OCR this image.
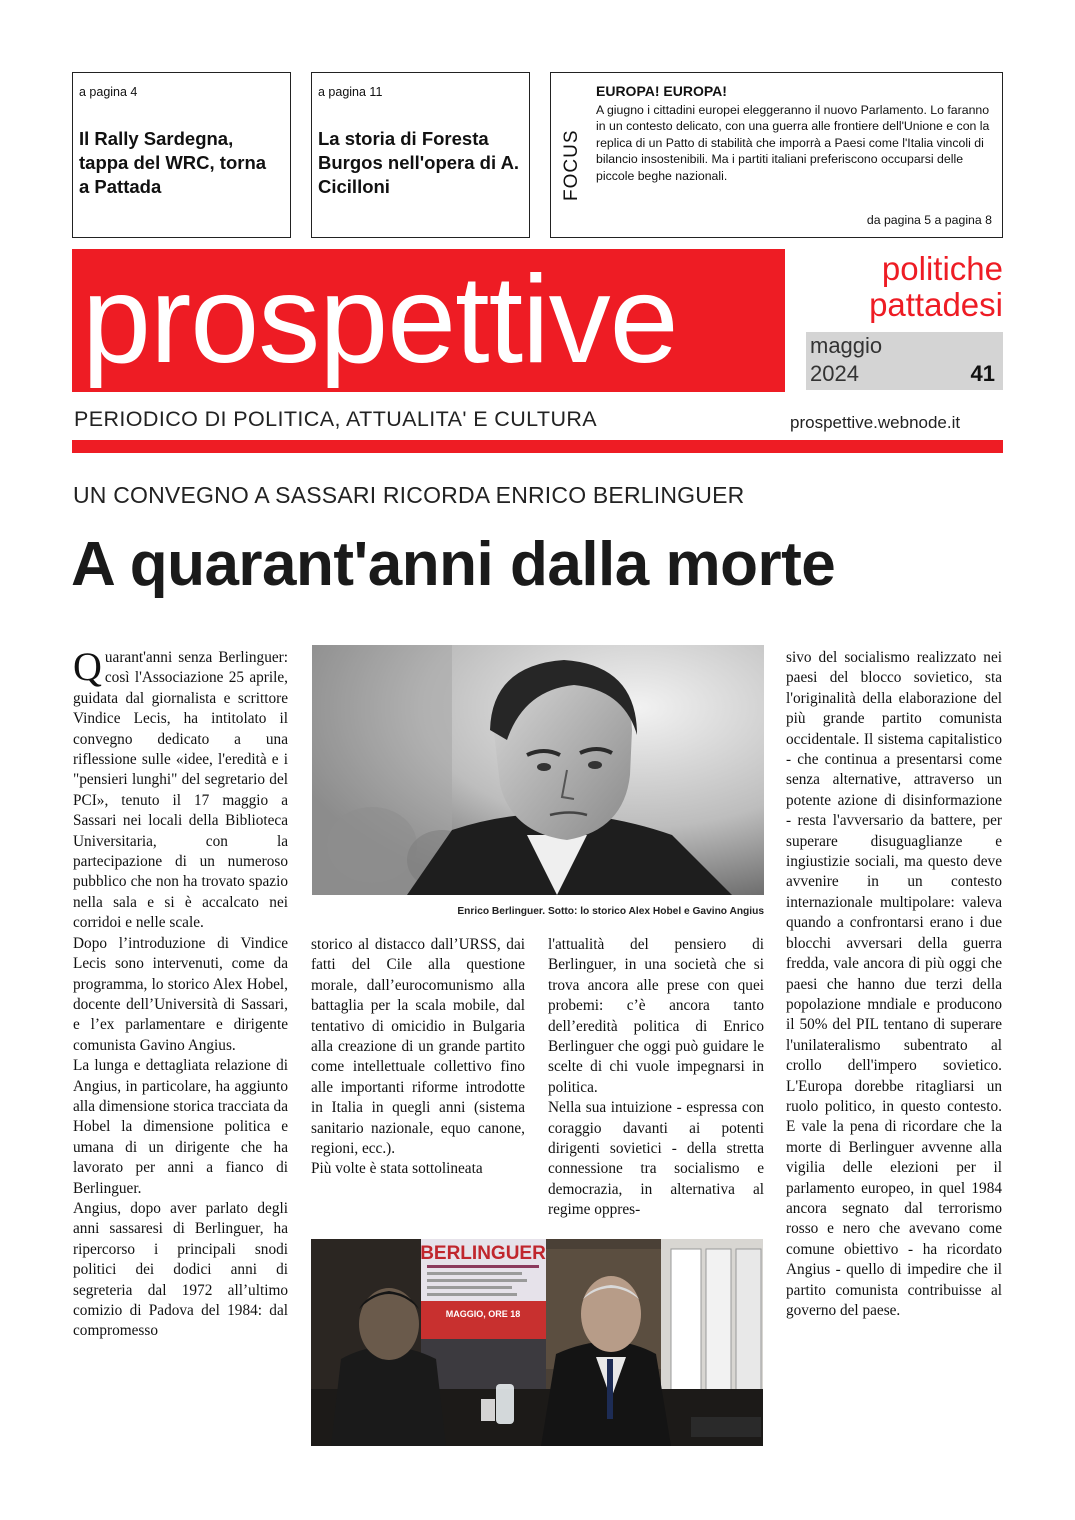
a pagina 4
Il Rally Sardegna, tappa del WRC, torna a Pattada
a pagina 11
La storia di Foresta Burgos nell'opera di A. Cicilloni	FOCUS
EUROPA! EUROPA!
A giugno i cittadini europei eleggeranno il nuovo Parlamento. Lo faranno in un contesto delicato, con una guerra alle frontiere dell'Unione e con la replica di un Patto di stabilità che imporrà a Paesi come l'Italia vincoli di bilancio insostenibili. Ma i partiti italiani preferiscono occuparsi delle piccole beghe nazionali.
da pagina 5 a pagina 8
prospettive	politiche
pattadesi
maggio
2024	41
PERIODICO DI POLITICA, ATTUALITA' E CULTURA	prospettive.webnode.it
UN CONVEGNO A SASSARI RICORDA ENRICO BERLINGUER
A quarant'anni dalla morte

Quarant'anni senza Berlinguer: così l'Associazione 25 aprile, guidata dal giornalista e scrittore Vindice Lecis, ha intitolato il convegno dedicato a una riflessione sulle «idee, l'eredità e i "pensieri lunghi" del segretario del PCI», tenuto il 17 maggio a Sassari nei locali della Biblioteca Universitaria, con la partecipazione di un numeroso pubblico che non ha trovato spazio nella sala e si è accalcato nei corridoi e nelle scale.

Dopo l’introduzione di Vindice Lecis sono intervenuti, come da programma, lo storico Alex Hobel, docente dell’Università di Sassari, e l’ex parlamentare e dirigente comunista Gavino Angius.

La lunga e dettagliata relazione di Angius, in particolare, ha aggiunto alla dimensione storica tracciata da Hobel la dimensione politica e umana di un dirigente che ha lavorato per anni a fianco di Berlinguer.

Angius, dopo aver parlato degli anni sassaresi di Berlinguer, ha ripercorso i principali snodi politici dei dodici anni di segreteria dal 1972 all’ultimo comizio di Padova del 1984: dal compromesso

Enrico Berlinguer. Sotto: lo storico Alex Hobel e Gavino Angius

storico al distacco dall’URSS, dai fatti del Cile alla questione morale, dall’eurocomunismo alla battaglia per la scala mobile, dal tentativo di omicidio in Bulgaria alla creazione di un grande partito come intellettuale collettivo fino alle importanti riforme introdotte in Italia in quegli anni (sistema sanitario nazionale, equo canone, regioni, ecc.).

Più volte è stata sottolineata

l'attualità del pensiero di Berlinguer, in una società che si trova ancora alle prese con quei probemi: c’è ancora tanto dell’eredità politica di Enrico Berlinguer che oggi può guidare le scelte di chi vuole impegnarsi in politica.

Nella sua intuizione - espressa con coraggio davanti ai potenti dirigenti sovietici - della stretta connessione tra socialismo e democrazia, in alternativa al regime oppres-

BERLINGUER
MAGGIO, ORE 18

sivo del socialismo realizzato nei paesi del blocco sovietico, sta l'originalità della elaborazione del più grande partito comunista occidentale. Il sistema capitalistico - che continua a presentarsi come senza alternative, attraverso un potente azione di disinformazione - resta l'avversario da battere, per superare disuguaglianze e ingiustizie sociali, ma questo deve avvenire in un contesto internazionale multipolare: valeva quando a confrontarsi erano i due blocchi avversari della guerra fredda, vale ancora di più oggi che paesi che hanno due terzi della popolazione mndiale e producono il 50% del PIL tentano di superare l'unilateralismo subentrato al crollo dell'impero sovietico. L'Europa dorebbe ritagliarsi un ruolo politico, in questo contesto. E vale la pena di ricordare che la morte di Berlinguer avvenne alla vigilia delle elezioni per il parlamento europeo, in quel 1984 ancora segnato dal terrorismo rosso e nero che avevano come comune obiettivo - ha ricordato Angius - quello di impedire che il partito comunista contribuisse al governo del paese.
